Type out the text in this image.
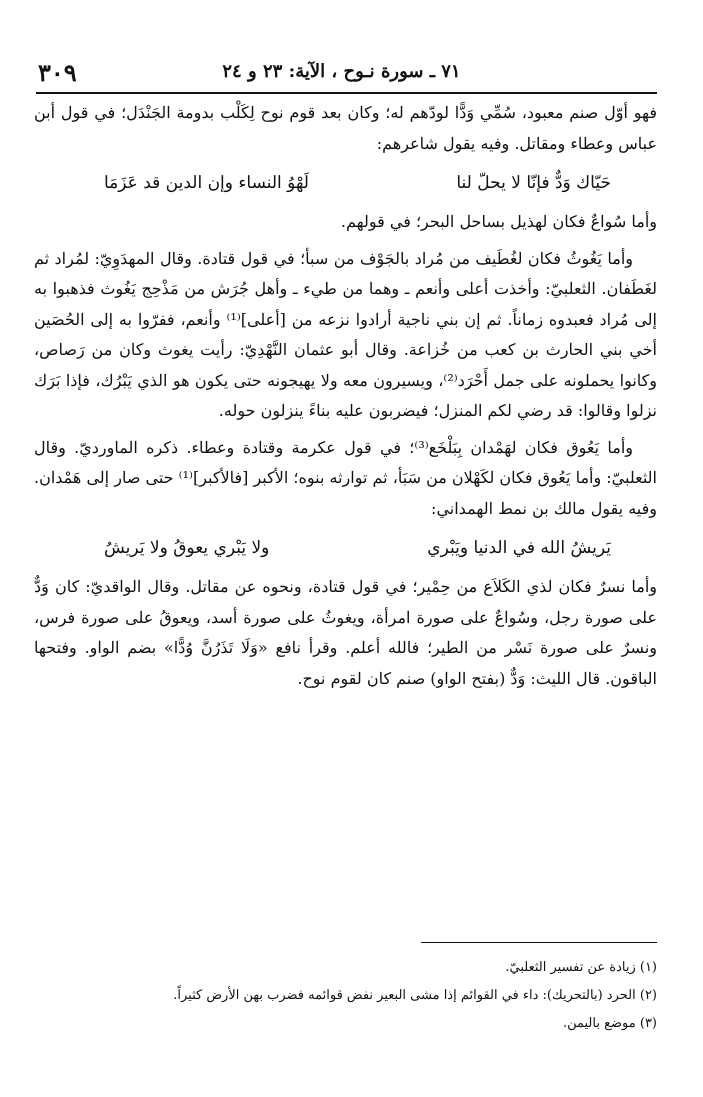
٧١ ـ سورة نـوح ، الآية: ٢٣ و ٢٤
٣٠٩

فهو أوّل صنم معبود، سُمِّي وَدًّا لودّهم له؛ وكان بعد قوم نوح لِكَلْب بدومة الجَنْدَل؛ في قول أبن عباس وعطاء ومقاتل. وفيه يقول شاعرهم:

حَيّاك وَدٌّ فإنّا لا يحلّ لنا
لَهْوُ النساء وإن الدين قد عَزَمَا

وأما سُواعٌ فكان لهذيل بساحل البحر؛ في قولهم.

وأما يَغُوثُ فكان لغُطَيف من مُراد بالجَوْف من سبأ؛ في قول قتادة. وقال المهدَوِيّ: لمُراد ثم لغَطَفان. الثعلبيّ: وأخذت أعلى وأنعم ـ وهما من طيء ـ وأهل جُرَش من مَذْحِج يَغُوث فذهبوا به إلى مُراد فعبدوه زماناً. ثم إن بني ناجية أرادوا نزعه من [أعلى]⁽¹⁾ وأنعم، ففرّوا به إلى الحُصَين أخي بني الحارث بن كعب من خُزاعة. وقال أبو عثمان النَّهْدِيّ: رأيت يغوث وكان من رَصاص، وكانوا يحملونه على جمل أَحْرَد⁽²⁾، ويسيرون معه ولا يهيجونه حتى يكون هو الذي يَبْرُك، فإذا بَرَك نزلوا وقالوا: قد رضي لكم المنزل؛ فيضربون عليه بناءً ينزلون حوله.

وأما يَعُوق فكان لهَمْدان بِبَلْخَع⁽³⁾؛ في قول عكرمة وقتادة وعطاء. ذكره الماورديّ. وقال الثعلبيّ: وأما يَعُوق فكان لكَهْلان من سَبَأ، ثم توارثه بنوه؛ الأكبر [فالأكبر]⁽¹⁾ حتى صار إلى هَمْدان. وفيه يقول مالك بن نمط الهمداني:

يَريشُ الله في الدنيا ويَبْري
ولا يَبْري يعوقُ ولا يَريشُ

وأما نسرٌ فكان لذي الكَلاَع من حِمْير؛ في قول قتادة، ونحوه عن مقاتل. وقال الواقديّ: كان وَدٌّ على صورة رجل، وسُواعٌ على صورة امرأة، ويغوثُ على صورة أسد، ويعوقُ على صورة فرس، ونسرٌ على صورة نَسْر من الطير؛ فالله أعلم. وقرأ نافع «وَلَا تَذَرُنَّ وُدًّا» بضم الواو. وفتحها الباقون. قال الليث: وَدٌّ (بفتح الواو) صنم كان لقوم نوح.

(١) زيادة عن تفسير الثعلبيّ.

(٢) الحرد (بالتحريك): داء في القوائم إذا مشى البعير نفض قوائمه فضرب بهن الأرض كثيراً.

(٣) موضع باليمن.
